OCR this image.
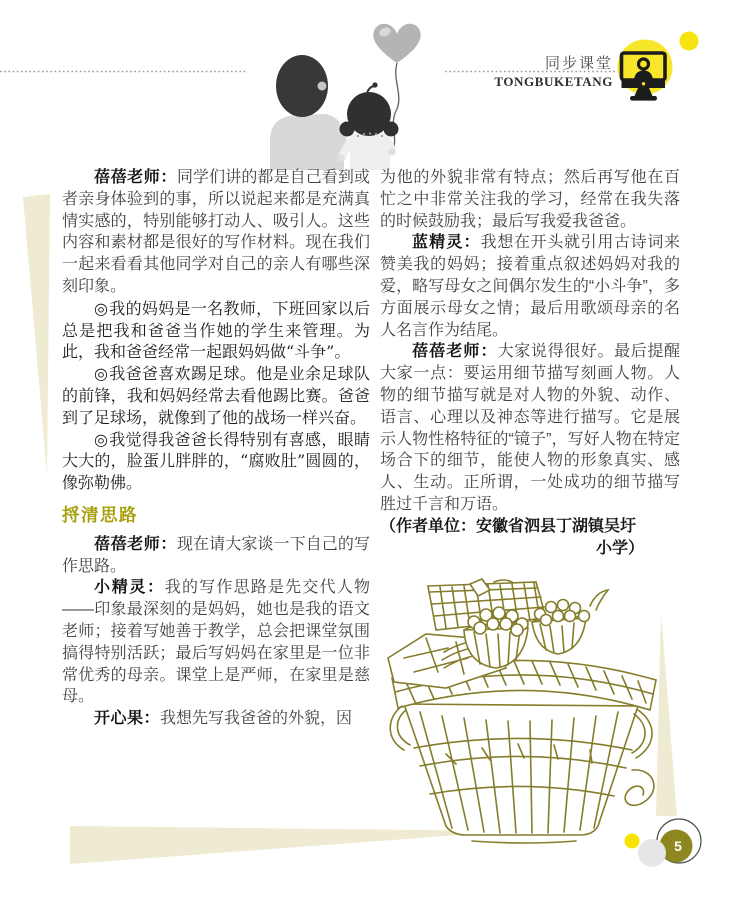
同步课堂
TONGBUKETANG

蓓蓓老师：同学们讲的都是自己看到或者亲身体验到的事，所以说起来都是充满真情实感的，特别能够打动人、吸引人。这些内容和素材都是很好的写作材料。现在我们一起来看看其他同学对自己的亲人有哪些深刻印象。

◎我的妈妈是一名教师，下班回家以后总是把我和爸爸当作她的学生来管理。为此，我和爸爸经常一起跟妈妈做“斗争”。

◎我爸爸喜欢踢足球。他是业余足球队的前锋，我和妈妈经常去看他踢比赛。爸爸到了足球场，就像到了他的战场一样兴奋。

◎我觉得我爸爸长得特别有喜感，眼睛大大的，脸蛋儿胖胖的，“腐败肚”圆圆的，像弥勒佛。

捋清思路

蓓蓓老师：现在请大家谈一下自己的写作思路。

小精灵：我的写作思路是先交代人物——印象最深刻的是妈妈，她也是我的语文老师；接着写她善于教学，总会把课堂氛围搞得特别活跃；最后写妈妈在家里是一位非常优秀的母亲。课堂上是严师，在家里是慈母。

开心果：我想先写我爸爸的外貌，因

为他的外貌非常有特点；然后再写他在百忙之中非常关注我的学习，经常在我失落的时候鼓励我；最后写我爱我爸爸。

蓝精灵：我想在开头就引用古诗词来赞美我的妈妈；接着重点叙述妈妈对我的爱，略写母女之间偶尔发生的“小斗争”，多方面展示母女之情；最后用歌颂母亲的名人名言作为结尾。

蓓蓓老师：大家说得很好。最后提醒大家一点：要运用细节描写刻画人物。人物的细节描写就是对人物的外貌、动作、语言、心理以及神态等进行描写。它是展示人物性格特征的“镜子”，写好人物在特定场合下的细节，能使人物的形象真实、感人、生动。正所谓，一处成功的细节描写胜过千言和万语。

（作者单位：安徽省泗县丁湖镇吴圩

小学）

5
